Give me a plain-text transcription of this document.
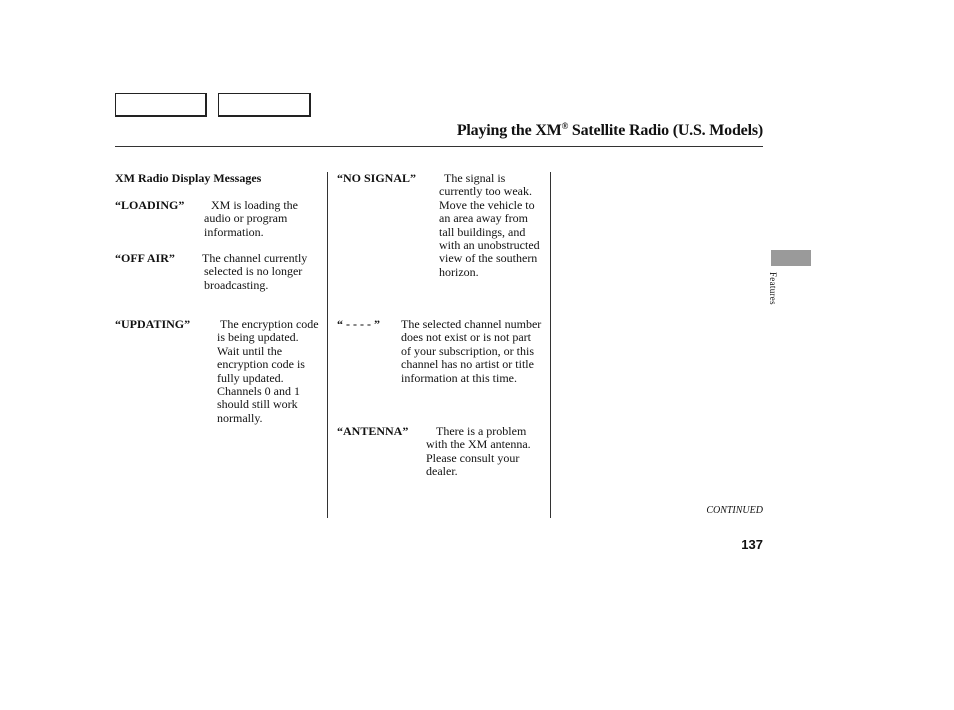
Playing the XM® Satellite Radio (U.S. Models)
XM Radio Display Messages
“LOADING”	XM is loading the audio or program information.
“OFF AIR” The channel currently selected is no longer broadcasting.
“UPDATING” The encryption code is being updated. Wait until the encryption code is fully updated. Channels 0 and 1 should still work normally.
“NO SIGNAL”	The signal is currently too weak. Move the vehicle to an area away from tall buildings, and with an unobstructed view of the southern horizon.
“ - - - - ” The selected channel number does not exist or is not part of your subscription, or this channel has no artist or title information at this time.
“ANTENNA”	There is a problem with the XM antenna. Please consult your dealer.
Features
CONTINUED
137
